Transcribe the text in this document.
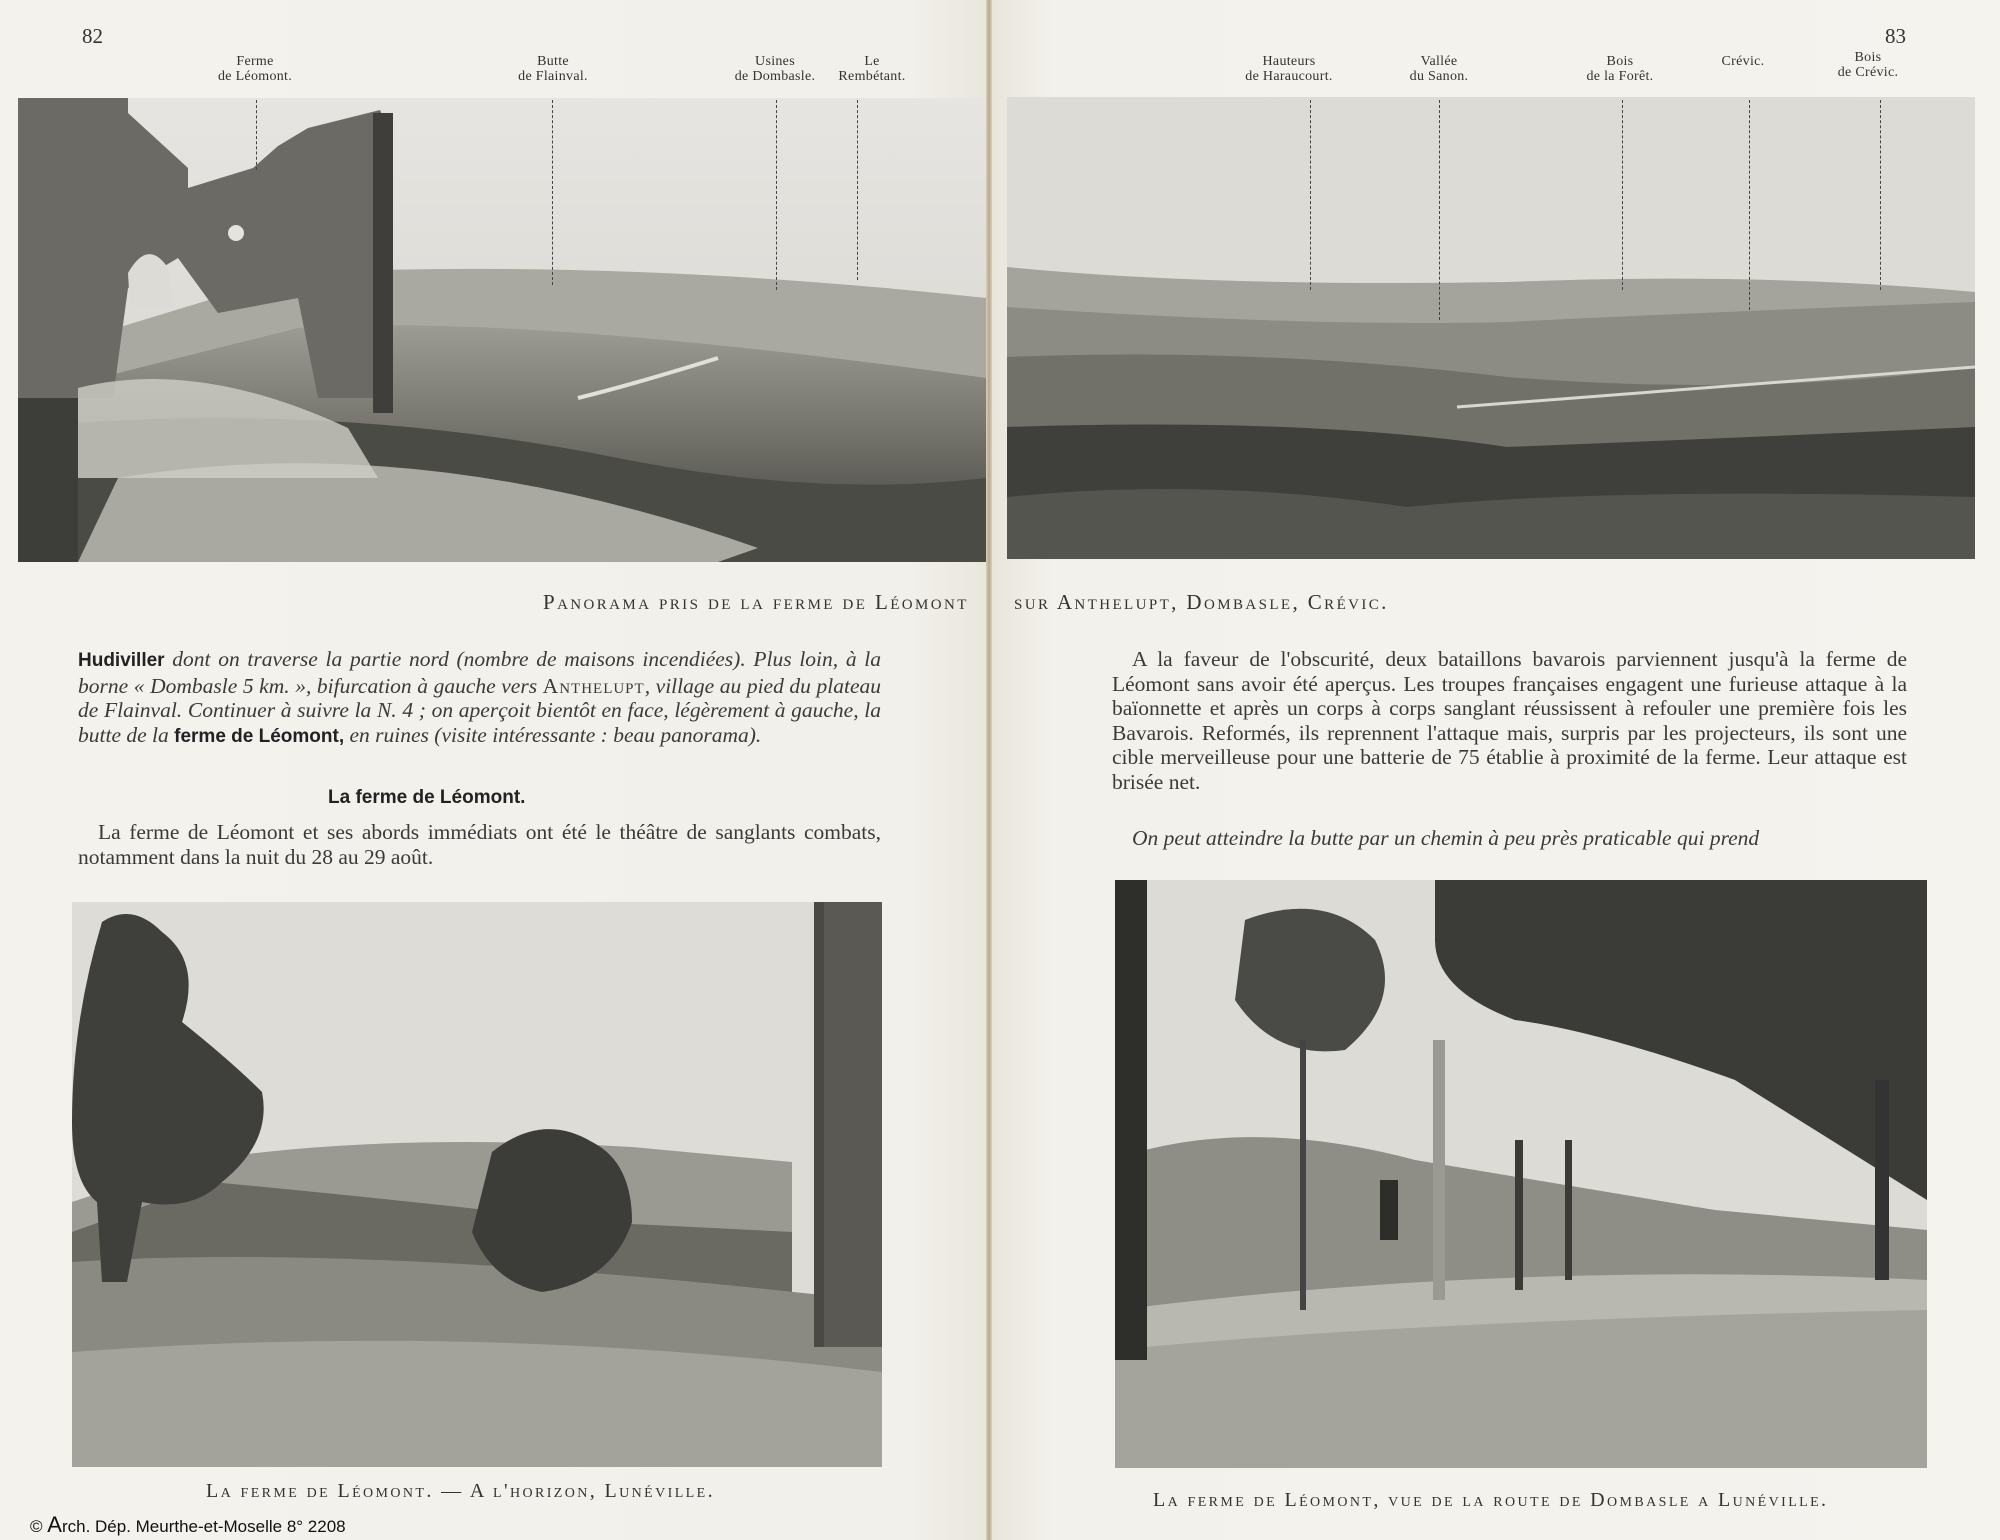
82
Ferme
de Léomont.
Butte
de Flainval.
Usines
de Dombasle.
Le
Rembétant.
Panorama pris de la ferme de Léomont
Hudiviller dont on traverse la partie nord (nombre de maisons incendiées). Plus loin, à la borne « Dombasle 5 km. », bifurcation à gauche vers Anthelupt, village au pied du plateau de Flainval. Continuer à suivre la N. 4 ; on aperçoit bientôt en face, légèrement à gauche, la butte de la ferme de Léomont, en ruines (visite intéressante : beau panorama).
La ferme de Léomont.
La ferme de Léomont et ses abords immédiats ont été le théâtre de sanglants combats, notamment dans la nuit du 28 au 29 août.
La ferme de Léomont. — A l'horizon, Lunéville.
83
Hauteurs
de Haraucourt.
Vallée
du Sanon.
Bois
de la Forêt.
Crévic.	Bois
de Crévic.
sur Anthelupt, Dombasle, Crévic.
A la faveur de l'obscurité, deux bataillons bavarois parviennent jusqu'à la ferme de Léomont sans avoir été aperçus. Les troupes françaises engagent une furieuse attaque à la baïonnette et après un corps à corps sanglant réussissent à refouler une première fois les Bavarois. Reformés, ils reprennent l'attaque mais, surpris par les projecteurs, ils sont une cible merveilleuse pour une batterie de 75 établie à proximité de la ferme. Leur attaque est brisée net.
On peut atteindre la butte par un chemin à peu près praticable qui prend
La ferme de Léomont, vue de la route de Dombasle a Lunéville.
© Arch. Dép. Meurthe-et-Moselle 8° 2208
